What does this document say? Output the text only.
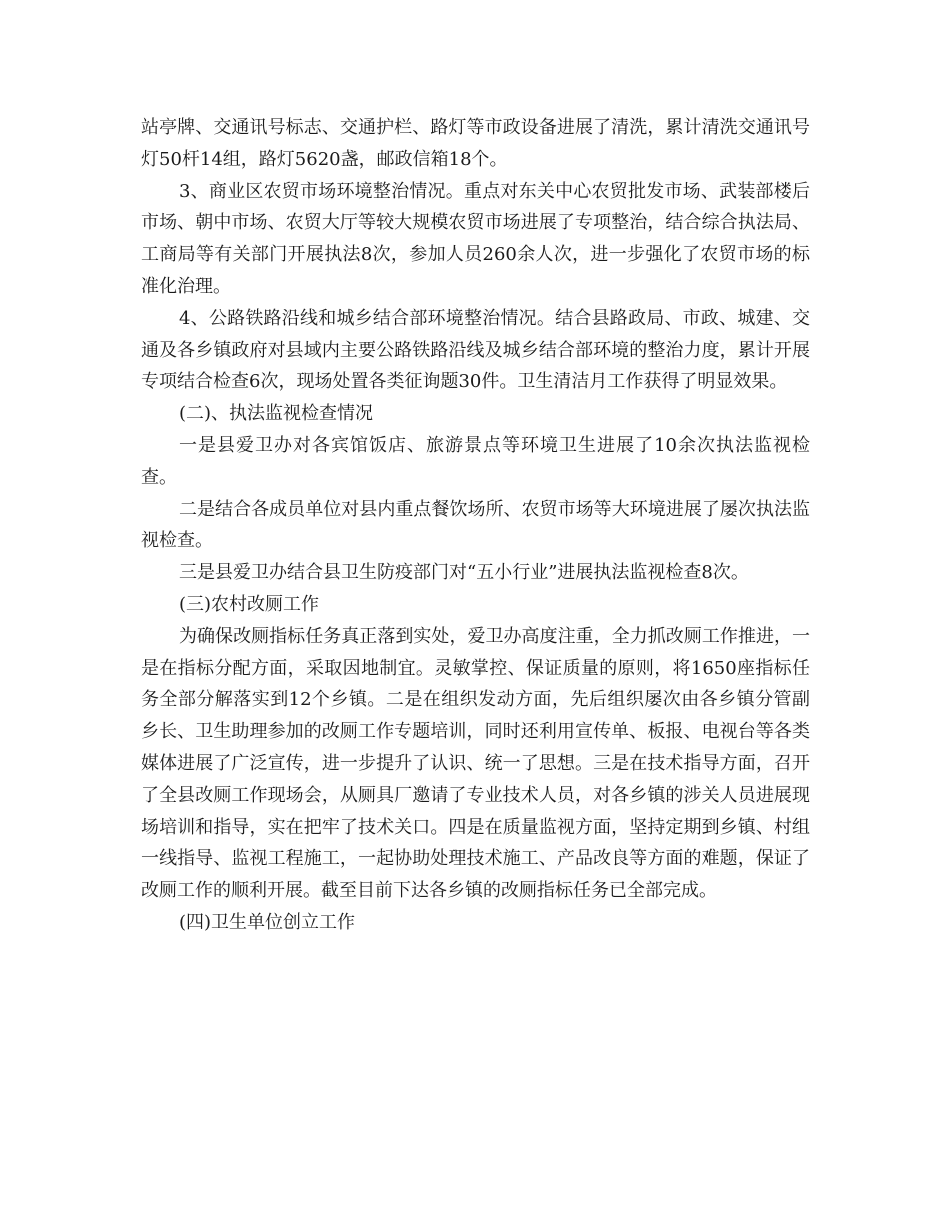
站亭牌、交通讯号标志、交通护栏、路灯等市政设备进展了清洗，累计清洗交通讯号灯50杆14组，路灯5620盏，邮政信箱18个。

3、商业区农贸市场环境整治情况。重点对东关中心农贸批发市场、武装部楼后市场、朝中市场、农贸大厅等较大规模农贸市场进展了专项整治，结合综合执法局、工商局等有关部门开展执法8次，参加人员260余人次，进一步强化了农贸市场的标准化治理。

4、公路铁路沿线和城乡结合部环境整治情况。结合县路政局、市政、城建、交通及各乡镇政府对县域内主要公路铁路沿线及城乡结合部环境的整治力度，累计开展专项结合检查6次，现场处置各类征询题30件。卫生清洁月工作获得了明显效果。

(二)、执法监视检查情况

一是县爱卫办对各宾馆饭店、旅游景点等环境卫生进展了10余次执法监视检查。

二是结合各成员单位对县内重点餐饮场所、农贸市场等大环境进展了屡次执法监视检查。

三是县爱卫办结合县卫生防疫部门对“五小行业”进展执法监视检查8次。

(三)农村改厕工作

为确保改厕指标任务真正落到实处，爱卫办高度注重，全力抓改厕工作推进，一是在指标分配方面，采取因地制宜。灵敏掌控、保证质量的原则，将1650座指标任务全部分解落实到12个乡镇。二是在组织发动方面，先后组织屡次由各乡镇分管副乡长、卫生助理参加的改厕工作专题培训，同时还利用宣传单、板报、电视台等各类媒体进展了广泛宣传，进一步提升了认识、统一了思想。三是在技术指导方面，召开了全县改厕工作现场会，从厕具厂邀请了专业技术人员，对各乡镇的涉关人员进展现场培训和指导，实在把牢了技术关口。四是在质量监视方面，坚持定期到乡镇、村组一线指导、监视工程施工，一起协助处理技术施工、产品改良等方面的难题，保证了改厕工作的顺利开展。截至目前下达各乡镇的改厕指标任务已全部完成。

(四)卫生单位创立工作
